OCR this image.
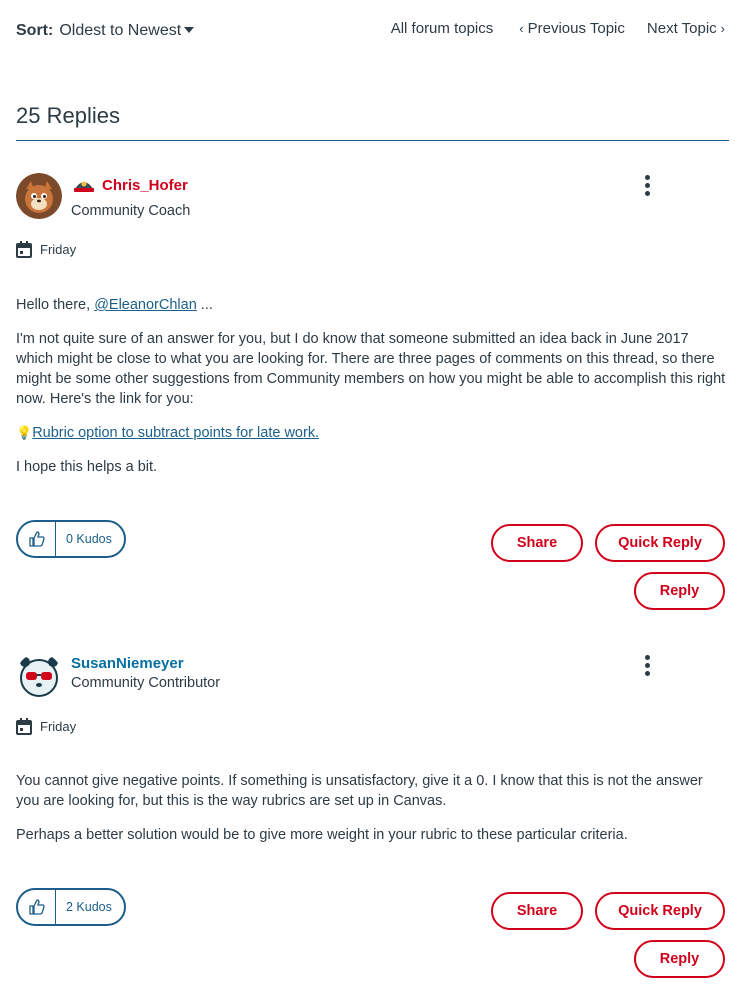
Sort: Oldest to Newest	All forum topics	‹ Previous Topic Next Topic ›
25 Replies
Chris_Hofer
Community Coach
Friday

Hello there, @EleanorChlan ...

I'm not quite sure of an answer for you, but I do know that someone submitted an idea back in June 2017 which might be close to what you are looking for. There are three pages of comments on this thread, so there might be some other suggestions from Community members on how you might be able to accomplish this right now. Here's the link for you:

💡Rubric option to subtract points for late work.

I hope this helps a bit.

0 Kudos	Share	Quick Reply
Reply
SusanNiemeyer
Community Contributor
Friday

You cannot give negative points. If something is unsatisfactory, give it a 0. I know that this is not the answer you are looking for, but this is the way rubrics are set up in Canvas.

Perhaps a better solution would be to give more weight in your rubric to these particular criteria.

2 Kudos	Share	Quick Reply
Reply
